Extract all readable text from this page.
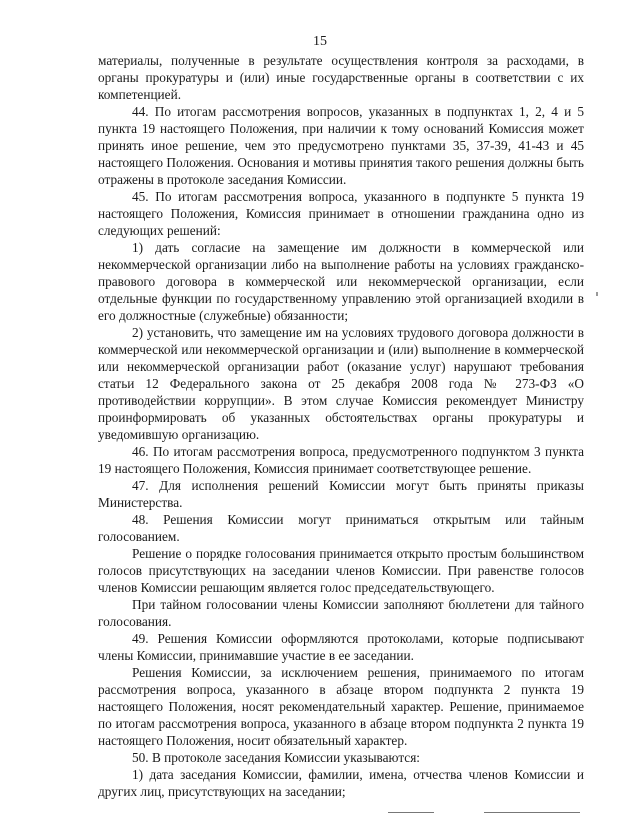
15

материалы, полученные в результате осуществления контроля за расходами, в органы прокуратуры и (или) иные государственные органы в соответствии с их компетенцией.

44. По итогам рассмотрения вопросов, указанных в подпунктах 1, 2, 4 и 5 пункта 19 настоящего Положения, при наличии к тому оснований Комиссия может принять иное решение, чем это предусмотрено пунктами 35, 37-39, 41-43 и 45 настоящего Положения. Основания и мотивы принятия такого решения должны быть отражены в протоколе заседания Комиссии.

45. По итогам рассмотрения вопроса, указанного в подпункте 5 пункта 19 настоящего Положения, Комиссия принимает в отношении гражданина одно из следующих решений:

1) дать согласие на замещение им должности в коммерческой или некоммерческой организации либо на выполнение работы на условиях гражданско-правового договора в коммерческой или некоммерческой организации, если отдельные функции по государственному управлению этой организацией входили в его должностные (служебные) обязанности;

2) установить, что замещение им на условиях трудового договора должности в коммерческой или некоммерческой организации и (или) выполнение в коммерческой или некоммерческой организации работ (оказание услуг) нарушают требования статьи 12 Федерального закона от 25 декабря 2008 года № 273-ФЗ «О противодействии коррупции». В этом случае Комиссия рекомендует Министру проинформировать об указанных обстоятельствах органы прокуратуры и уведомившую организацию.

46. По итогам рассмотрения вопроса, предусмотренного подпунктом 3 пункта 19 настоящего Положения, Комиссия принимает соответствующее решение.

47. Для исполнения решений Комиссии могут быть приняты приказы Министерства.

48. Решения Комиссии могут приниматься открытым или тайным голосованием.

Решение о порядке голосования принимается открыто простым большинством голосов присутствующих на заседании членов Комиссии. При равенстве голосов членов Комиссии решающим является голос председательствующего.

При тайном голосовании члены Комиссии заполняют бюллетени для тайного голосования.

49. Решения Комиссии оформляются протоколами, которые подписывают члены Комиссии, принимавшие участие в ее заседании.

Решения Комиссии, за исключением решения, принимаемого по итогам рассмотрения вопроса, указанного в абзаце втором подпункта 2 пункта 19 настоящего Положения, носят рекомендательный характер. Решение, принимаемое по итогам рассмотрения вопроса, указанного в абзаце втором подпункта 2 пункта 19 настоящего Положения, носит обязательный характер.

50. В протоколе заседания Комиссии указываются:

1) дата заседания Комиссии, фамилии, имена, отчества членов Комиссии и других лиц, присутствующих на заседании;
